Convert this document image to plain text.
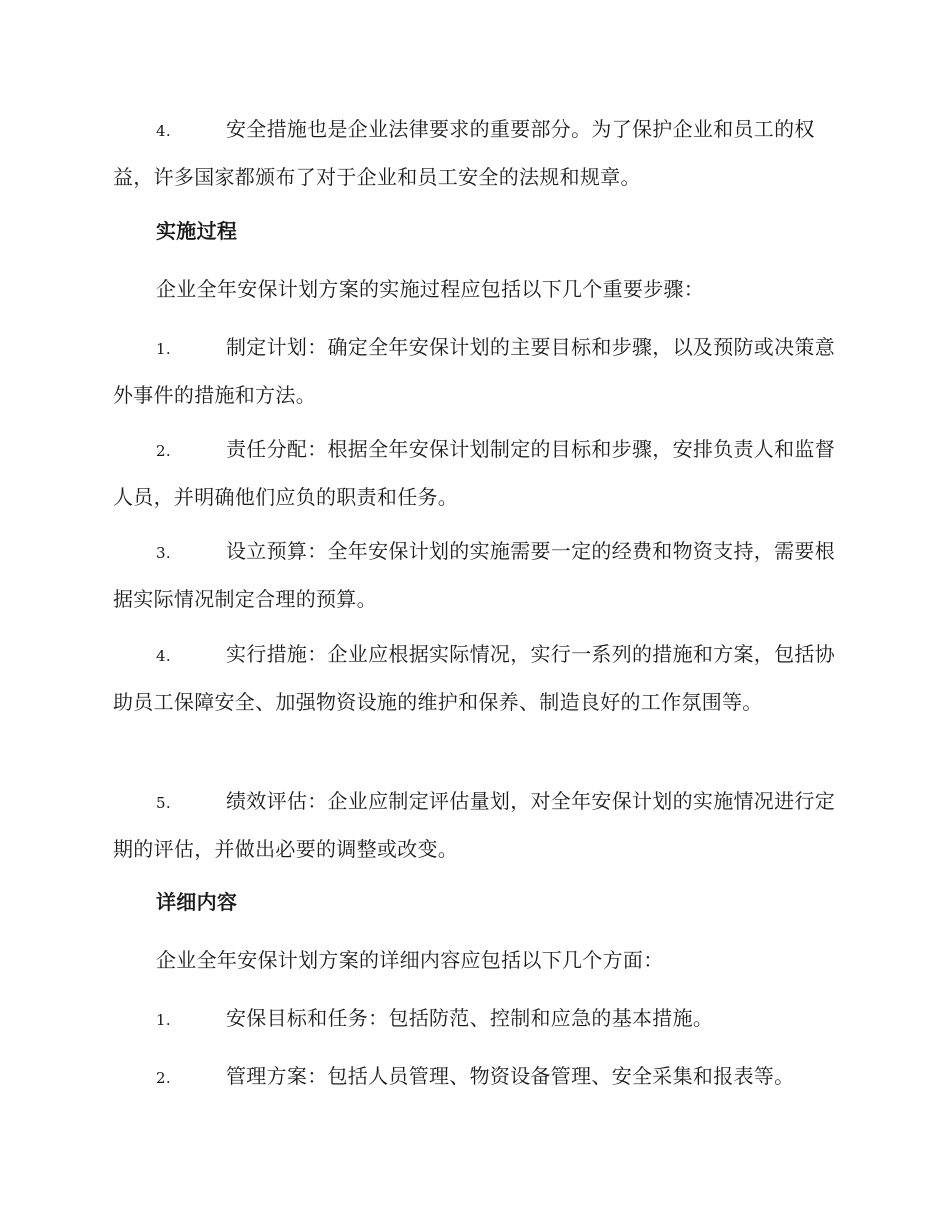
4.	安全措施也是企业法律要求的重要部分。为了保护企业和员工的权益，许多国家都颁布了对于企业和员工安全的法规和规章。
实施过程
企业全年安保计划方案的实施过程应包括以下几个重要步骤：
1.	制定计划：确定全年安保计划的主要目标和步骤，以及预防或决策意外事件的措施和方法。
2.	责任分配：根据全年安保计划制定的目标和步骤，安排负责人和监督人员，并明确他们应负的职责和任务。
3.	设立预算：全年安保计划的实施需要一定的经费和物资支持，需要根据实际情况制定合理的预算。
4.	实行措施：企业应根据实际情况，实行一系列的措施和方案，包括协助员工保障安全、加强物资设施的维护和保养、制造良好的工作氛围等。
5.	绩效评估：企业应制定评估量划，对全年安保计划的实施情况进行定期的评估，并做出必要的调整或改变。
详细内容
企业全年安保计划方案的详细内容应包括以下几个方面：
1.	安保目标和任务：包括防范、控制和应急的基本措施。
2.	管理方案：包括人员管理、物资设备管理、安全采集和报表等。
